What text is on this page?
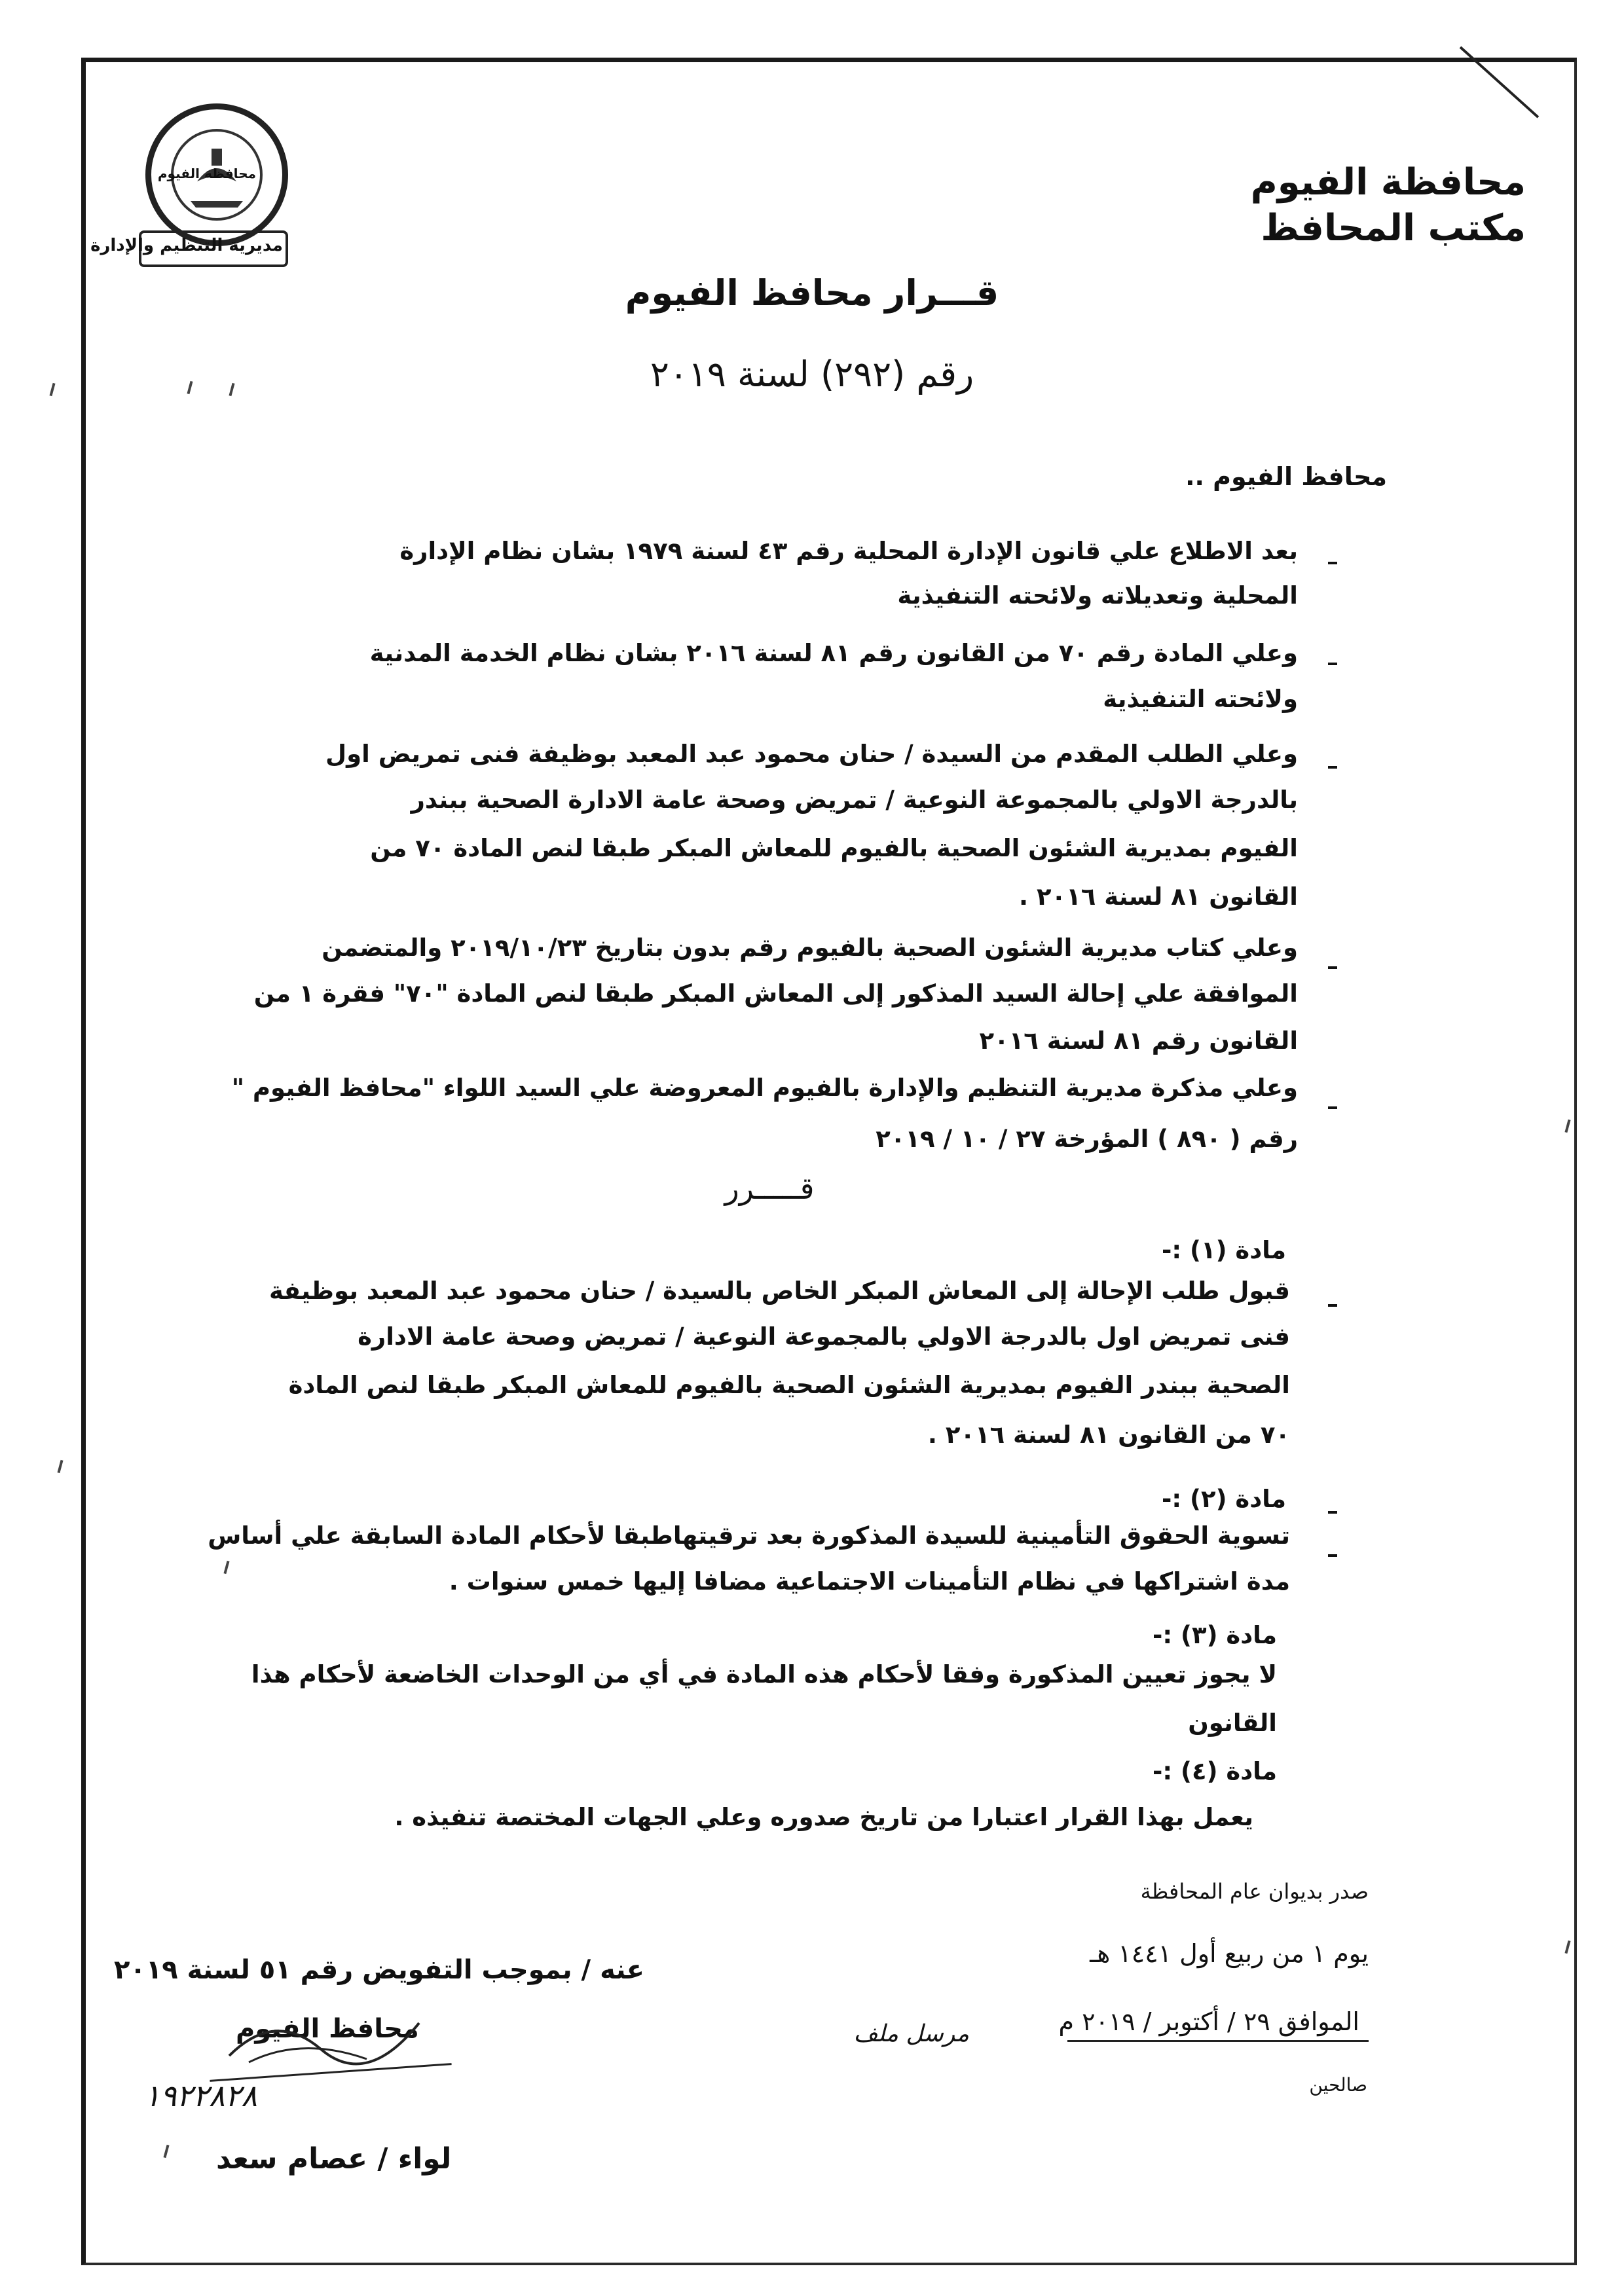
محافظة الفيوم
مديرية التنظيم والإدارة
محافظة الفيوم
مكتب المحافظ
قـــرار محافظ الفيوم
رقم (٢٩٢) لسنة ٢٠١٩
محافظ الفيوم ..
بعد الاطلاع علي قانون الإدارة المحلية رقم ٤٣ لسنة ١٩٧٩ بشان نظام الإدارة
المحلية وتعديلاته ولائحته التنفيذية
وعلي المادة رقم ٧٠ من القانون رقم ٨١ لسنة ٢٠١٦ بشان نظام الخدمة المدنية
ولائحته التنفيذية
وعلي الطلب المقدم من السيدة / حنان محمود عبد المعبد بوظيفة فنى تمريض اول
بالدرجة الاولي بالمجموعة النوعية / تمريض وصحة عامة الادارة الصحية ببندر
الفيوم بمديرية الشئون الصحية بالفيوم للمعاش المبكر طبقا لنص المادة ٧٠ من
القانون ٨١ لسنة ٢٠١٦ .
وعلي كتاب مديرية الشئون الصحية بالفيوم رقم بدون بتاريخ ٢٠١٩/١٠/٢٣ والمتضمن
الموافقة علي إحالة السيد المذكور إلى المعاش المبكر طبقا لنص المادة "٧٠" فقرة ١ من
القانون رقم ٨١ لسنة ٢٠١٦
وعلي مذكرة مديرية التنظيم والإدارة بالفيوم المعروضة علي السيد اللواء "محافظ الفيوم "
رقم ( ٨٩٠ ) المؤرخة ٢٧ / ١٠ / ٢٠١٩
قـــــرر
مادة (١) :-
قبول طلب الإحالة إلى المعاش المبكر الخاص بالسيدة / حنان محمود عبد المعبد بوظيفة
فنى تمريض اول بالدرجة الاولي بالمجموعة النوعية / تمريض وصحة عامة الادارة
الصحية ببندر الفيوم بمديرية الشئون الصحية بالفيوم للمعاش المبكر طبقا لنص المادة
٧٠ من القانون ٨١ لسنة ٢٠١٦ .
مادة (٢) :-
تسوية الحقوق التأمينية للسيدة المذكورة بعد ترقيتهاطبقا لأحكام المادة السابقة علي أساس
مدة اشتراكها في نظام التأمينات الاجتماعية مضافا إليها خمس سنوات .
مادة (٣) :-
لا يجوز تعيين المذكورة وفقا لأحكام هذه المادة في أي من الوحدات الخاضعة لأحكام هذا
القانون
مادة (٤) :-
يعمل بهذا القرار اعتبارا من تاريخ صدوره وعلي الجهات المختصة تنفيذه .
صدر بديوان عام المحافظة
يوم ١ من ربيع أول ١٤٤١ هـ
الموافق ٢٩ / أكتوبر / ٢٠١٩ م
صالحين
مرسل ملف
عنه / بموجب التفويض رقم ٥١ لسنة ٢٠١٩
محافظ الفيوم
١٩٢٢٨٢٨
لواء / عصام سعد
